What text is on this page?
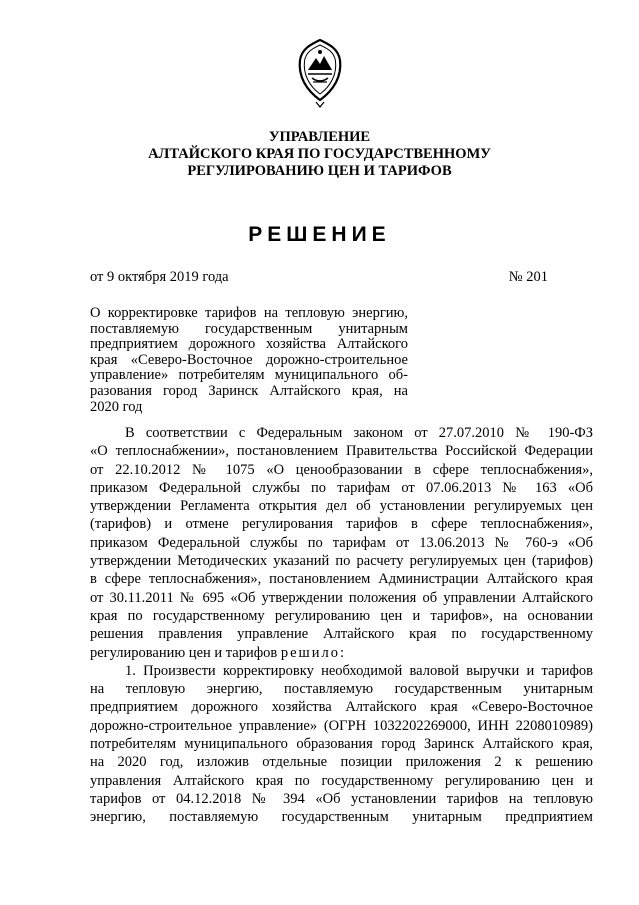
УПРАВЛЕНИЕ
АЛТАЙСКОГО КРАЯ ПО ГОСУДАРСТВЕННОМУ
РЕГУЛИРОВАНИЮ ЦЕН И ТАРИФОВ
РЕШЕНИЕ
от 9 октября 2019 года	№ 201
О корректировке тарифов на тепловую энергию,
поставляемую государственным унитарным
предприятием дорожного хозяйства Алтайского
края «Северо-Восточное дорожно-строительное
управление» потребителям муниципального об-
разования город Заринск Алтайского края, на
2020 год
В соответствии с Федеральным законом от 27.07.2010 № 190-ФЗ
«О теплоснабжении», постановлением Правительства Российской Федерации
от 22.10.2012 № 1075 «О ценообразовании в сфере теплоснабжения»,
приказом Федеральной службы по тарифам от 07.06.2013 № 163 «Об
утверждении Регламента открытия дел об установлении регулируемых цен
(тарифов) и отмене регулирования тарифов в сфере теплоснабжения»,
приказом Федеральной службы по тарифам от 13.06.2013 № 760-э «Об
утверждении Методических указаний по расчету регулируемых цен (тарифов)
в сфере теплоснабжения», постановлением Администрации Алтайского края
от 30.11.2011 № 695 «Об утверждении положения об управлении Алтайского
края по государственному регулированию цен и тарифов», на основании
решения правления управление Алтайского края по государственному
регулированию цен и тарифов решило:
1. Произвести корректировку необходимой валовой выручки и тарифов
на тепловую энергию, поставляемую государственным унитарным
предприятием дорожного хозяйства Алтайского края «Северо-Восточное
дорожно-строительное управление» (ОГРН 1032202269000, ИНН 2208010989)
потребителям муниципального образования город Заринск Алтайского края,
на 2020 год, изложив отдельные позиции приложения 2 к решению
управления Алтайского края по государственному регулированию цен и
тарифов от 04.12.2018 № 394 «Об установлении тарифов на тепловую
энергию, поставляемую государственным унитарным предприятием
